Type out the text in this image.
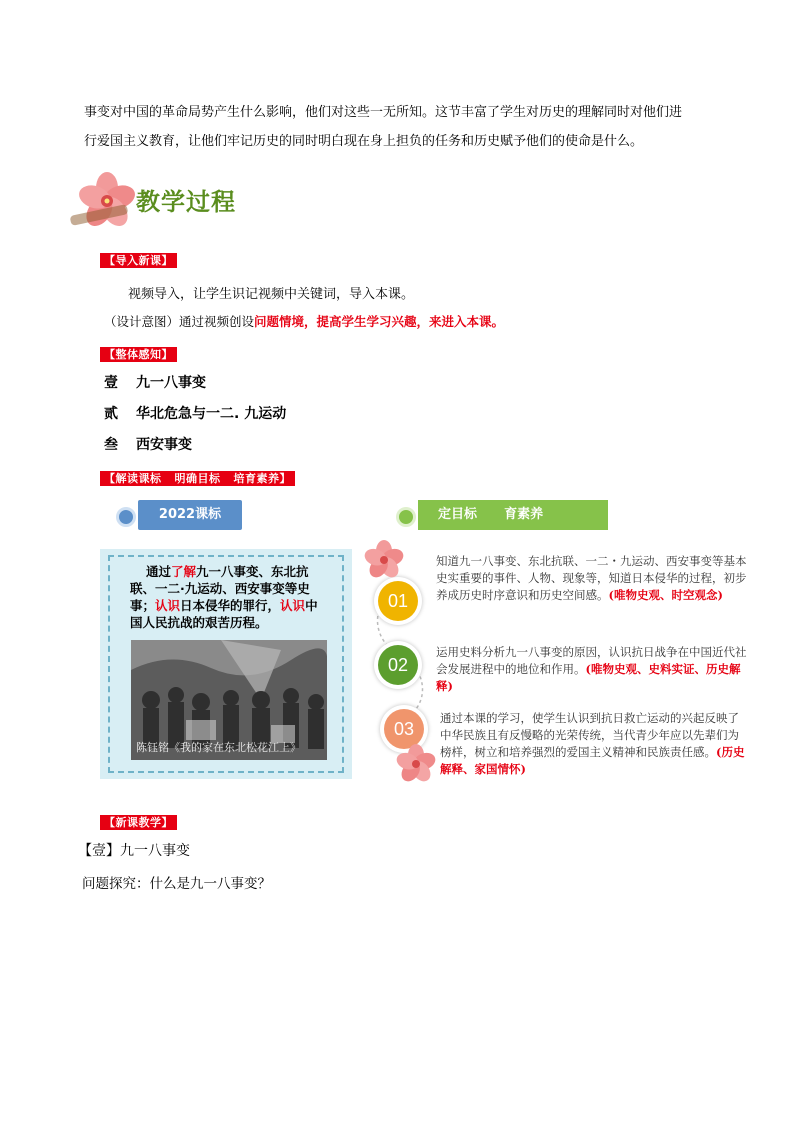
事变对中国的革命局势产生什么影响，他们对这些一无所知。这节丰富了学生对历史的理解同时对他们进

行爱国主义教育，让他们牢记历史的同时明白现在身上担负的任务和历史赋予他们的使命是什么。

教学过程
【导入新课】
视频导入，让学生识记视频中关键词，导入本课。
（设计意图）通过视频创设问题情境，提高学生学习兴趣，来进入本课。
【整体感知】
壹 九一八事变
贰 华北危急与一二. 九运动
叁 西安事变
【解读课标   明确目标   培育素养】
2022课标	定目标      育素养
通过了解九一八事变、东北抗联、一二·九运动、西安事变等史事；认识日本侵华的罪行，认识中国人民抗战的艰苦历程。
陈钰铭《我的家在东北松花江上》
01
知道九一八事变、东北抗联、一二・九运动、西安事变等基本史实重要的事件、人物、现象等，知道日本侵华的过程，初步养成历史时序意识和历史空间感。(唯物史观、时空观念)
02
运用史料分析九一八事变的原因，认识抗日战争在中国近代社会发展进程中的地位和作用。(唯物史观、史料实证、历史解释)
03
通过本课的学习，使学生认识到抗日救亡运动的兴起反映了中华民族且有反慢略的光荣传统，当代青少年应以先辈们为榜样，树立和培养强烈的爱国主义精神和民族责任感。(历史解释、家国情怀)
【新课教学】
【壹】九一八事变
问题探究：什么是九一八事变？
